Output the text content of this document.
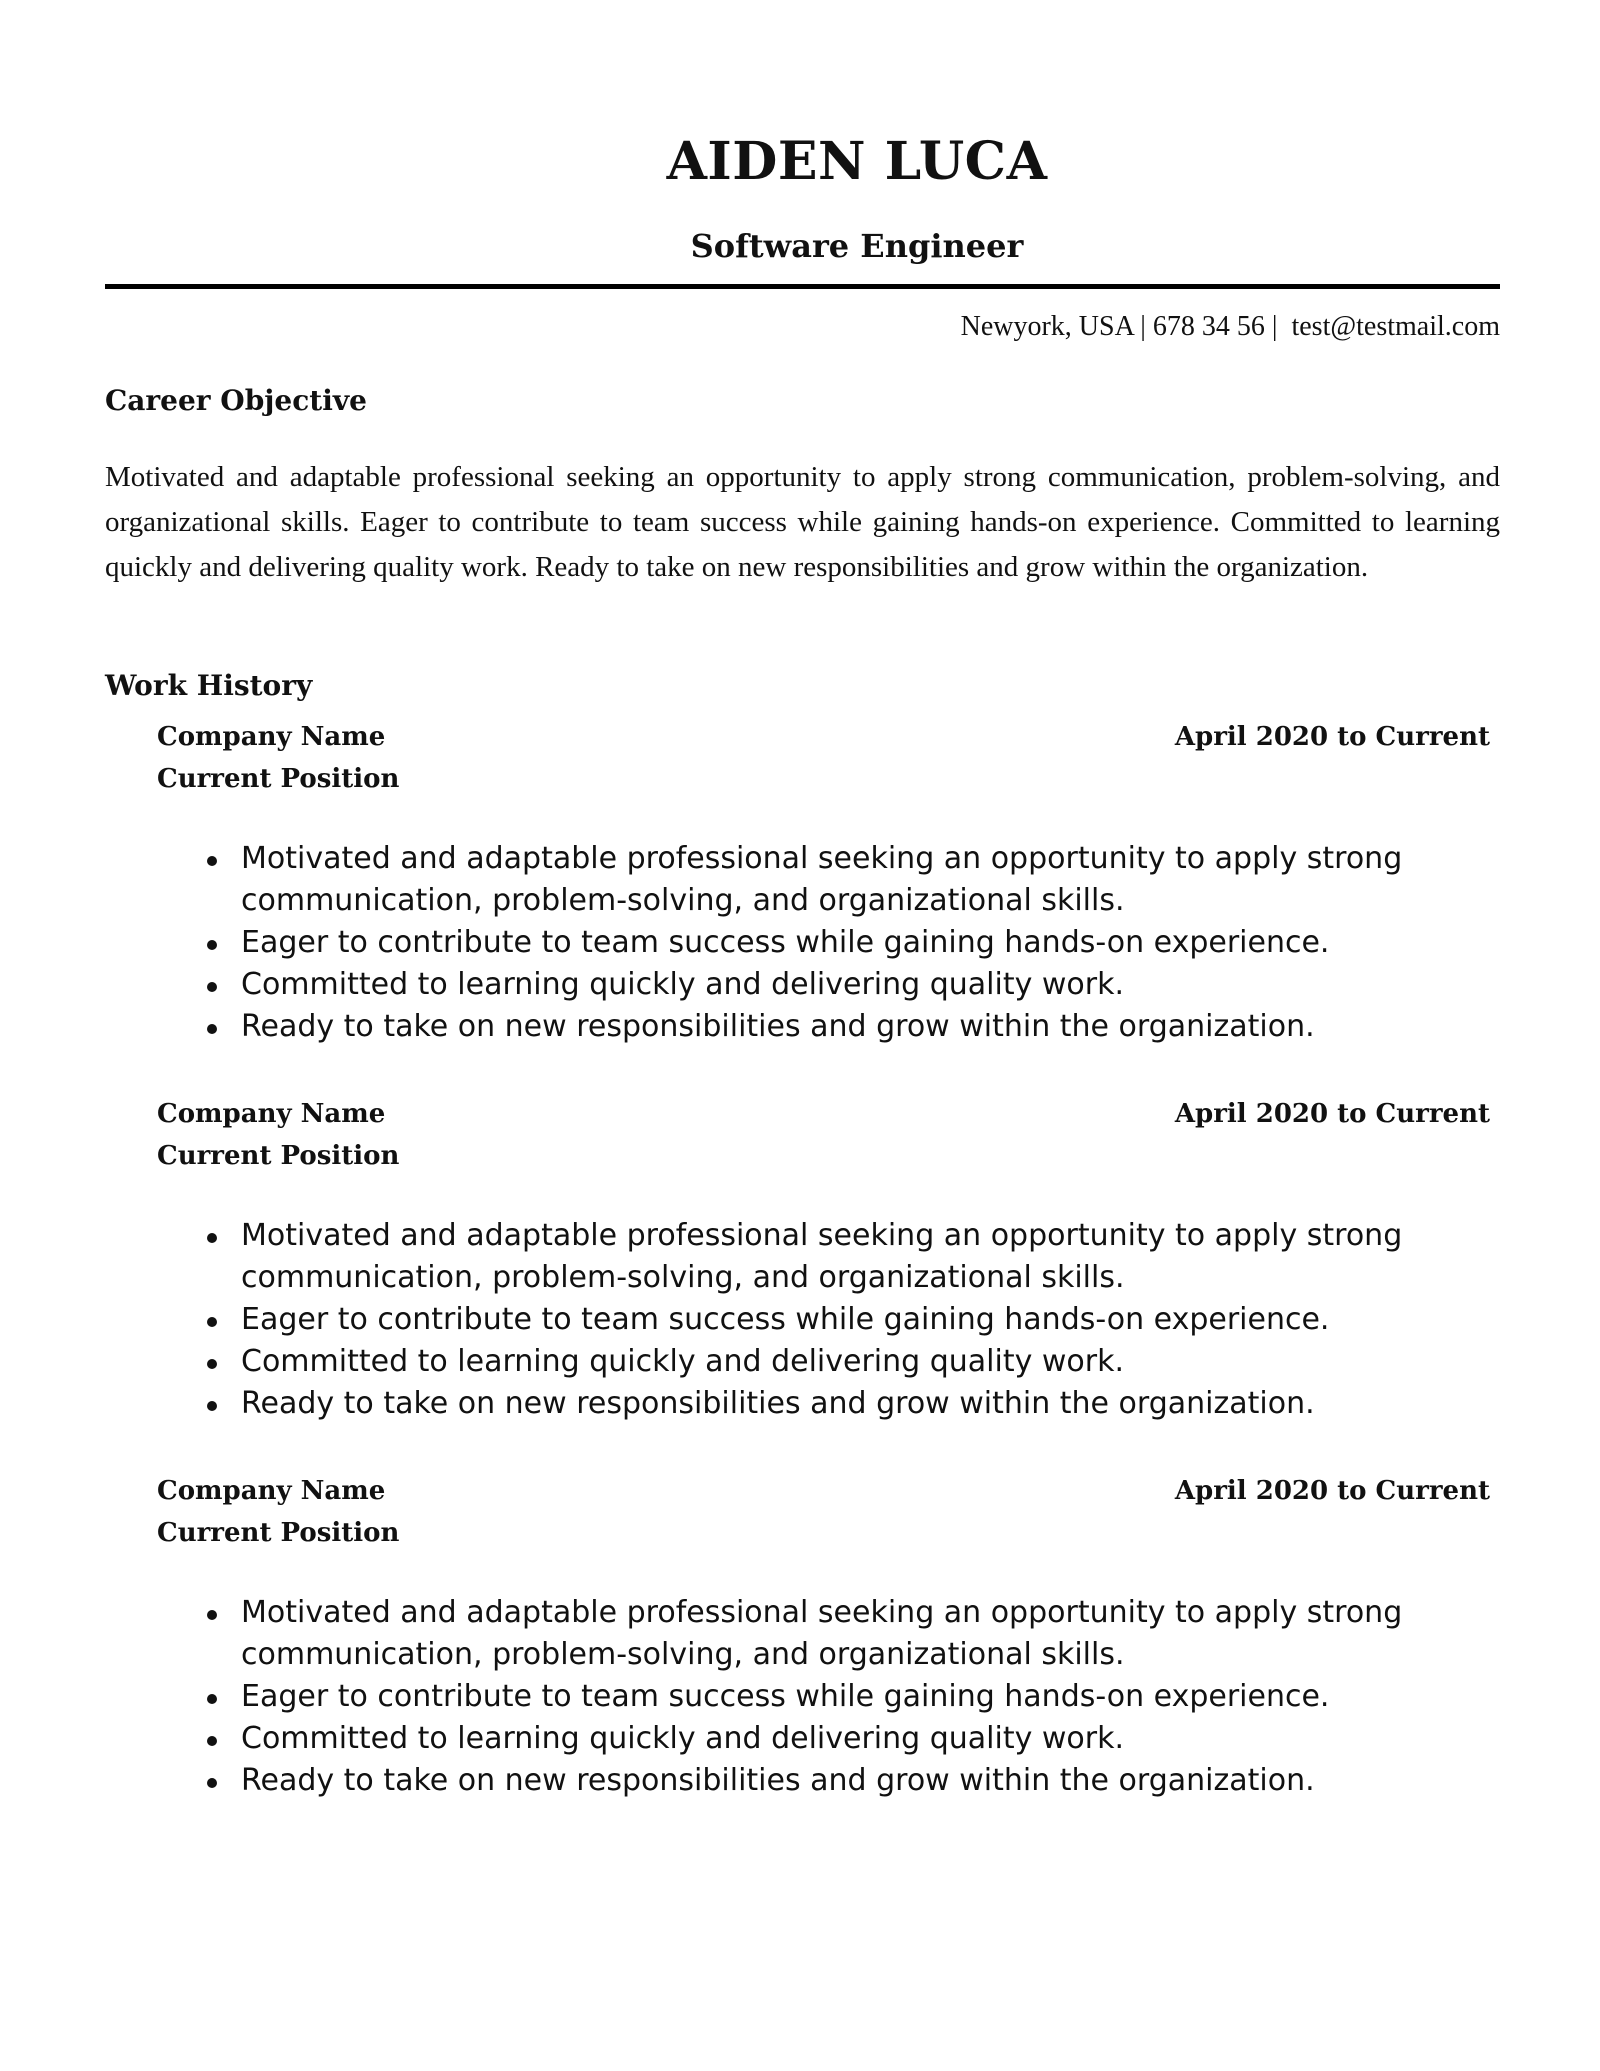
AIDEN LUCA
Software Engineer
Newyork, USA | 678 34 56 |  test@testmail.com
Career Objective
Motivated and adaptable professional seeking an opportunity to apply strong communication, problem-solving, and organizational skills. Eager to contribute to team success while gaining hands-on experience. Committed to learning quickly and delivering quality work. Ready to take on new responsibilities and grow within the organization.
Work History
Company Name	April 2020 to Current
Current Position
Motivated and adaptable professional seeking an opportunity to apply strong communication, problem-solving, and organizational skills.
Eager to contribute to team success while gaining hands-on experience.
Committed to learning quickly and delivering quality work.
Ready to take on new responsibilities and grow within the organization.
Company Name	April 2020 to Current
Current Position
Motivated and adaptable professional seeking an opportunity to apply strong communication, problem-solving, and organizational skills.
Eager to contribute to team success while gaining hands-on experience.
Committed to learning quickly and delivering quality work.
Ready to take on new responsibilities and grow within the organization.
Company Name	April 2020 to Current
Current Position
Motivated and adaptable professional seeking an opportunity to apply strong communication, problem-solving, and organizational skills.
Eager to contribute to team success while gaining hands-on experience.
Committed to learning quickly and delivering quality work.
Ready to take on new responsibilities and grow within the organization.
